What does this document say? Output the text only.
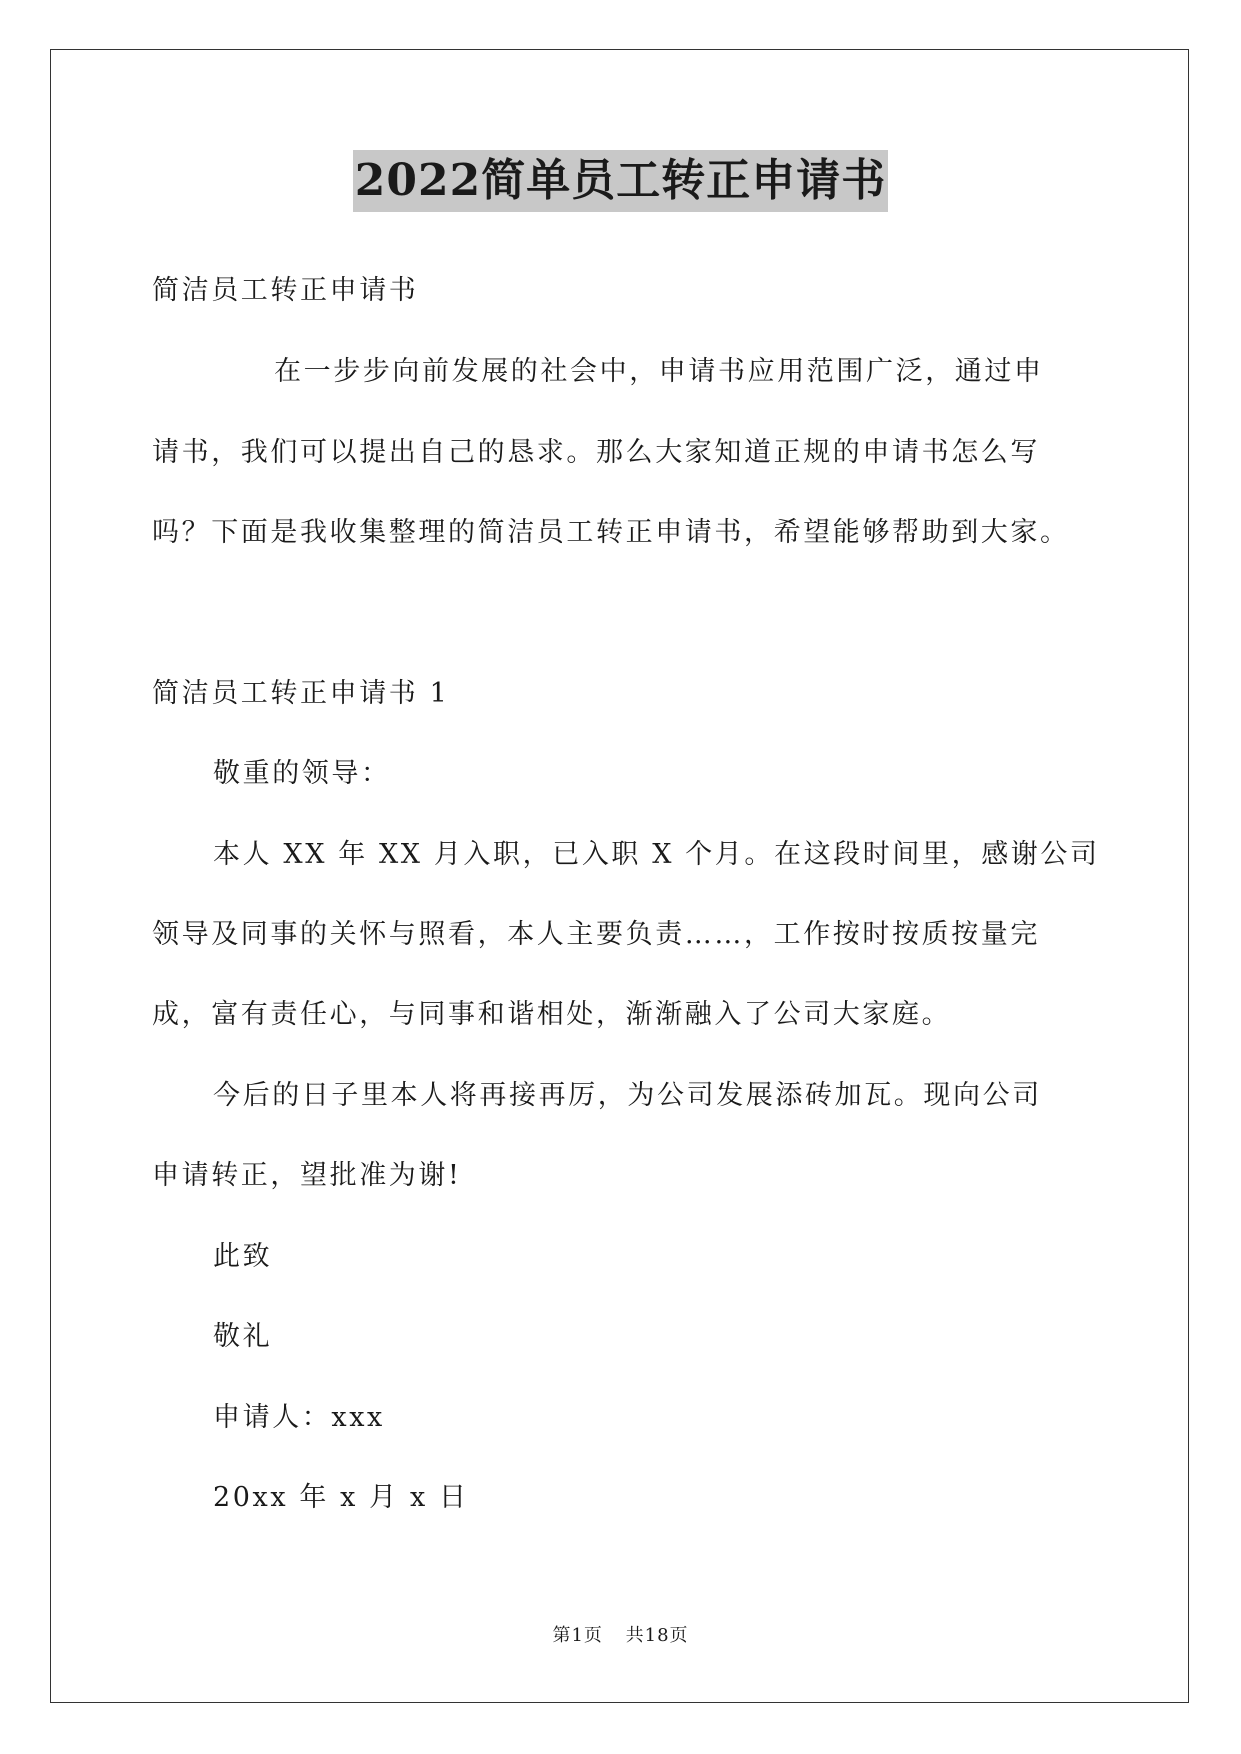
2022简单员工转正申请书
简洁员工转正申请书
在一步步向前发展的社会中，申请书应用范围广泛，通过申
请书，我们可以提出自己的恳求。那么大家知道正规的申请书怎么写
吗？下面是我收集整理的简洁员工转正申请书，希望能够帮助到大家。
简洁员工转正申请书 1
敬重的领导：
本人 XX 年 XX 月入职，已入职 X 个月。在这段时间里，感谢公司
领导及同事的关怀与照看，本人主要负责……，工作按时按质按量完
成，富有责任心，与同事和谐相处，渐渐融入了公司大家庭。
今后的日子里本人将再接再厉，为公司发展添砖加瓦。现向公司
申请转正，望批准为谢!
此致
敬礼
申请人：xxx
20xx 年 x 月 x 日
第1页 共18页
